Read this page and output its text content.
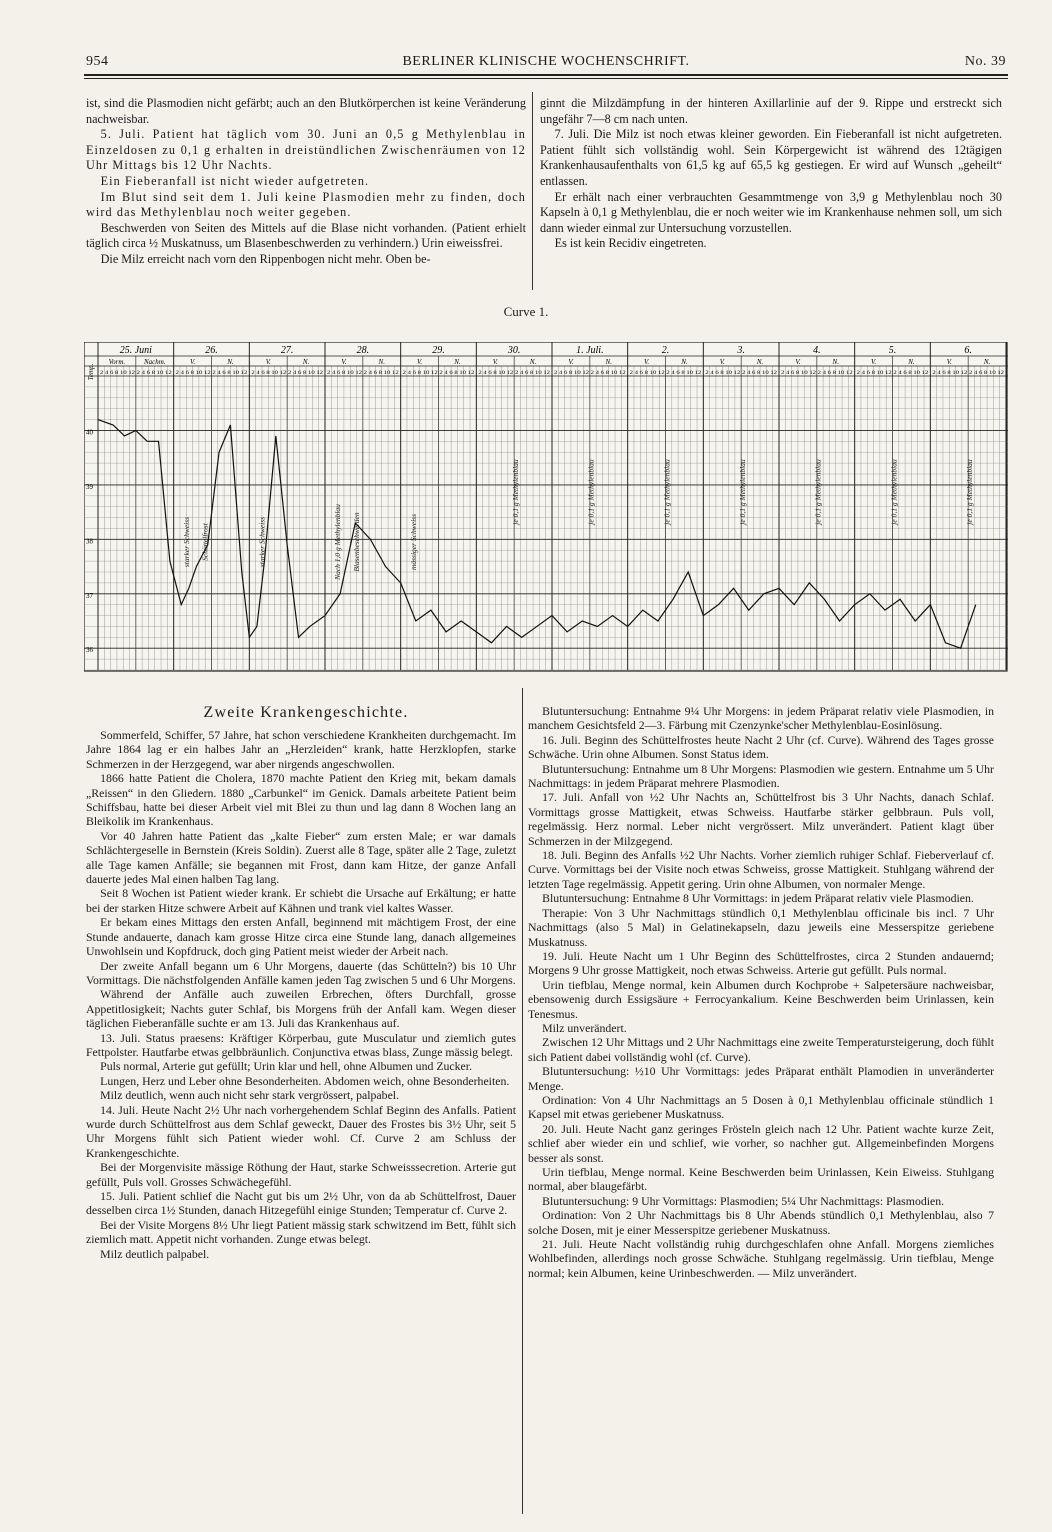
954	BERLINER KLINISCHE WOCHENSCHRIFT.	No. 39

ist, sind die Plasmodien nicht gefärbt; auch an den Blutkörperchen ist keine Veränderung nachweisbar.

5. Juli. Patient hat täglich vom 30. Juni an 0,5 g Methylenblau in Einzeldosen zu 0,1 g erhalten in dreistündlichen Zwischenräumen von 12 Uhr Mittags bis 12 Uhr Nachts.

Ein Fieberanfall ist nicht wieder aufgetreten.

Im Blut sind seit dem 1. Juli keine Plasmodien mehr zu finden, doch wird das Methylenblau noch weiter gegeben.

Beschwerden von Seiten des Mittels auf die Blase nicht vorhanden. (Patient erhielt täglich circa ½ Muskatnuss, um Blasenbeschwerden zu verhindern.) Urin eiweissfrei.

Die Milz erreicht nach vorn den Rippenbogen nicht mehr. Oben be-

ginnt die Milzdämpfung in der hinteren Axillarlinie auf der 9. Rippe und erstreckt sich ungefähr 7—8 cm nach unten.

7. Juli. Die Milz ist noch etwas kleiner geworden. Ein Fieberanfall ist nicht aufgetreten. Patient fühlt sich vollständig wohl. Sein Körpergewicht ist während des 12tägigen Krankenhausaufenthalts von 61,5 kg auf 65,5 kg gestiegen. Er wird auf Wunsch „geheilt“ entlassen.

Er erhält nach einer verbrauchten Gesammtmenge von 3,9 g Methylenblau noch 30 Kapseln à 0,1 g Methylenblau, die er noch weiter wie im Krankenhause nehmen soll, um sich dann wieder einmal zur Untersuchung vorzustellen.

Es ist kein Recidiv eingetreten.

Curve 1.
Temp.
40
39
38
37
36
25. Juni
Vorm.	Nachm.
2 4 6 8 10 12 2 4 6 8 10 12
26.
V.	N.
2 4 6 8 10 12 2 4 6 8 10 12
27.
V.	N.
2 4 6 8 10 12 2 4 6 8 10 12
28.
V.	N.
2 4 6 8 10 12 2 4 6 8 10 12
29.
V.	N.
2 4 6 8 10 12 2 4 6 8 10 12
30.
V.	N.
2 4 6 8 10 12 2 4 6 8 10 12
1. Juli.
V.	N.
2 4 6 8 10 12 2 4 6 8 10 12
2.
V.	N.
2 4 6 8 10 12 2 4 6 8 10 12
3.
V.	N.
2 4 6 8 10 12 2 4 6 8 10 12
4.
V.	N.
2 4 6 8 10 12 2 4 6 8 10 12
5.
V.	N.
2 4 6 8 10 12 2 4 6 8 10 12
6.
V.	N.
2 4 6 8 10 12 2 4 6 8 10 12
starker Schweiss Schüttelfrost	starker Schweiss	Nach 1,0 g Methylenblau Blasenbeschwerden	mässiger Schweiss
je 0,1 g Methylenblau	je 0,1 g Methylenblau	je 0,1 g Methylenblau	je 0,1 g Methylenblau	je 0,1 g Methylenblau	je 0,1 g Methylenblau	je 0,1 g Methylenblau
Zweite Krankengeschichte.

Sommerfeld, Schiffer, 57 Jahre, hat schon verschiedene Krankheiten durchgemacht. Im Jahre 1864 lag er ein halbes Jahr an „Herzleiden“ krank, hatte Herzklopfen, starke Schmerzen in der Herzgegend, war aber nirgends angeschwollen.

1866 hatte Patient die Cholera, 1870 machte Patient den Krieg mit, bekam damals „Reissen“ in den Gliedern. 1880 „Carbunkel“ im Genick. Damals arbeitete Patient beim Schiffsbau, hatte bei dieser Arbeit viel mit Blei zu thun und lag dann 8 Wochen lang an Bleikolik im Krankenhaus.

Vor 40 Jahren hatte Patient das „kalte Fieber“ zum ersten Male; er war damals Schlächtergeselle in Bernstein (Kreis Soldin). Zuerst alle 8 Tage, später alle 2 Tage, zuletzt alle Tage kamen Anfälle; sie begannen mit Frost, dann kam Hitze, der ganze Anfall dauerte jedes Mal einen halben Tag lang.

Seit 8 Wochen ist Patient wieder krank. Er schiebt die Ursache auf Erkältung; er hatte bei der starken Hitze schwere Arbeit auf Kähnen und trank viel kaltes Wasser.

Er bekam eines Mittags den ersten Anfall, beginnend mit mächtigem Frost, der eine Stunde andauerte, danach kam grosse Hitze circa eine Stunde lang, danach allgemeines Unwohlsein und Kopfdruck, doch ging Patient meist wieder der Arbeit nach.

Der zweite Anfall begann um 6 Uhr Morgens, dauerte (das Schütteln?) bis 10 Uhr Vormittags. Die nächstfolgenden Anfälle kamen jeden Tag zwischen 5 und 6 Uhr Morgens.

Während der Anfälle auch zuweilen Erbrechen, öfters Durchfall, grosse Appetitlosigkeit; Nachts guter Schlaf, bis Morgens früh der Anfall kam. Wegen dieser täglichen Fieberanfälle suchte er am 13. Juli das Krankenhaus auf.

13. Juli. Status praesens: Kräftiger Körperbau, gute Musculatur und ziemlich gutes Fettpolster. Hautfarbe etwas gelbbräunlich. Conjunctiva etwas blass, Zunge mässig belegt.

Puls normal, Arterie gut gefüllt; Urin klar und hell, ohne Albumen und Zucker.

Lungen, Herz und Leber ohne Besonderheiten. Abdomen weich, ohne Besonderheiten.

Milz deutlich, wenn auch nicht sehr stark vergrössert, palpabel.

14. Juli. Heute Nacht 2½ Uhr nach vorhergehendem Schlaf Beginn des Anfalls. Patient wurde durch Schüttelfrost aus dem Schlaf geweckt, Dauer des Frostes bis 3½ Uhr, seit 5 Uhr Morgens fühlt sich Patient wieder wohl. Cf. Curve 2 am Schluss der Krankengeschichte.

Bei der Morgenvisite mässige Röthung der Haut, starke Schweisssecretion. Arterie gut gefüllt, Puls voll. Grosses Schwächegefühl.

15. Juli. Patient schlief die Nacht gut bis um 2½ Uhr, von da ab Schüttelfrost, Dauer desselben circa 1½ Stunden, danach Hitzegefühl einige Stunden; Temperatur cf. Curve 2.

Bei der Visite Morgens 8½ Uhr liegt Patient mässig stark schwitzend im Bett, fühlt sich ziemlich matt. Appetit nicht vorhanden. Zunge etwas belegt.

Milz deutlich palpabel.

Blutuntersuchung: Entnahme 9¼ Uhr Morgens: in jedem Präparat relativ viele Plasmodien, in manchem Gesichtsfeld 2—3. Färbung mit Czenzynke'scher Methylenblau-Eosinlösung.

16. Juli. Beginn des Schüttelfrostes heute Nacht 2 Uhr (cf. Curve). Während des Tages grosse Schwäche. Urin ohne Albumen. Sonst Status idem.

Blutuntersuchung: Entnahme um 8 Uhr Morgens: Plasmodien wie gestern. Entnahme um 5 Uhr Nachmittags: in jedem Präparat mehrere Plasmodien.

17. Juli. Anfall von ½2 Uhr Nachts an, Schüttelfrost bis 3 Uhr Nachts, danach Schlaf. Vormittags grosse Mattigkeit, etwas Schweiss. Hautfarbe stärker gelbbraun. Puls voll, regelmässig. Herz normal. Leber nicht vergrössert. Milz unverändert. Patient klagt über Schmerzen in der Milzgegend.

18. Juli. Beginn des Anfalls ½2 Uhr Nachts. Vorher ziemlich ruhiger Schlaf. Fieberverlauf cf. Curve. Vormittags bei der Visite noch etwas Schweiss, grosse Mattigkeit. Stuhlgang während der letzten Tage regelmässig. Appetit gering. Urin ohne Albumen, von normaler Menge.

Blutuntersuchung: Entnahme 8 Uhr Vormittags: in jedem Präparat relativ viele Plasmodien.

Therapie: Von 3 Uhr Nachmittags stündlich 0,1 Methylenblau officinale bis incl. 7 Uhr Nachmittags (also 5 Mal) in Gelatinekapseln, dazu jeweils eine Messerspitze geriebene Muskatnuss.

19. Juli. Heute Nacht um 1 Uhr Beginn des Schüttelfrostes, circa 2 Stunden andauernd; Morgens 9 Uhr grosse Mattigkeit, noch etwas Schweiss. Arterie gut gefüllt. Puls normal.

Urin tiefblau, Menge normal, kein Albumen durch Kochprobe + Salpetersäure nachweisbar, ebensowenig durch Essigsäure + Ferrocyankalium. Keine Beschwerden beim Urinlassen, kein Tenesmus.

Milz unverändert.

Zwischen 12 Uhr Mittags und 2 Uhr Nachmittags eine zweite Temperatursteigerung, doch fühlt sich Patient dabei vollständig wohl (cf. Curve).

Blutuntersuchung: ½10 Uhr Vormittags: jedes Präparat enthält Plamodien in unveränderter Menge.

Ordination: Von 4 Uhr Nachmittags an 5 Dosen à 0,1 Methylenblau officinale stündlich 1 Kapsel mit etwas geriebener Muskatnuss.

20. Juli. Heute Nacht ganz geringes Frösteln gleich nach 12 Uhr. Patient wachte kurze Zeit, schlief aber wieder ein und schlief, wie vorher, so nachher gut. Allgemeinbefinden Morgens besser als sonst.

Urin tiefblau, Menge normal. Keine Beschwerden beim Urinlassen, Kein Eiweiss. Stuhlgang normal, aber blaugefärbt.

Blutuntersuchung: 9 Uhr Vormittags: Plasmodien; 5¼ Uhr Nachmittags: Plasmodien.

Ordination: Von 2 Uhr Nachmittags bis 8 Uhr Abends stündlich 0,1 Methylenblau, also 7 solche Dosen, mit je einer Messerspitze geriebener Muskatnuss.

21. Juli. Heute Nacht vollständig ruhig durchgeschlafen ohne Anfall. Morgens ziemliches Wohlbefinden, allerdings noch grosse Schwäche. Stuhlgang regelmässig. Urin tiefblau, Menge normal; kein Albumen, keine Urinbeschwerden. — Milz unverändert.
